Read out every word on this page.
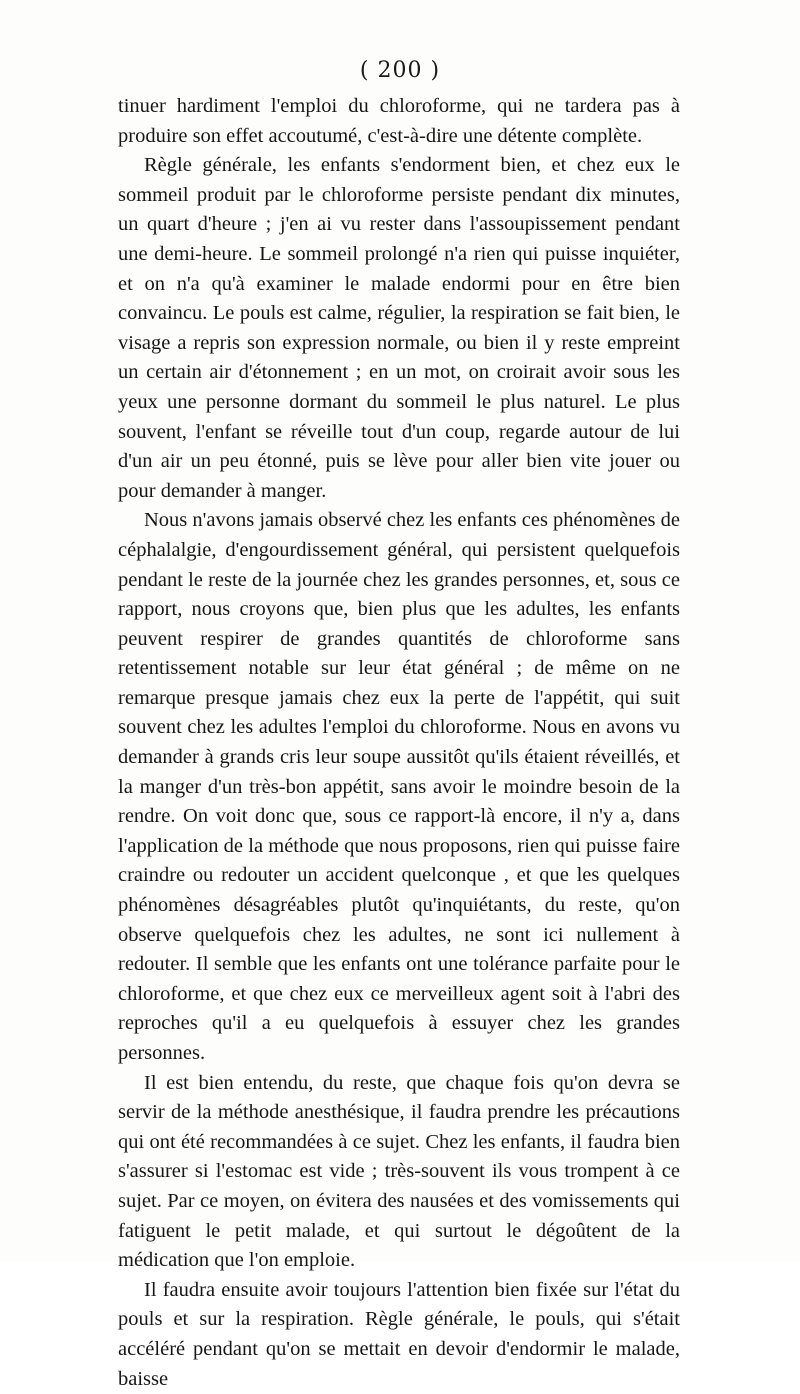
( 200 )

tinuer hardiment l'emploi du chloroforme, qui ne tardera pas à produire son effet accoutumé, c'est-à-dire une détente complète.

Règle générale, les enfants s'endorment bien, et chez eux le sommeil produit par le chloroforme persiste pendant dix minutes, un quart d'heure ; j'en ai vu rester dans l'assoupissement pendant une demi-heure. Le sommeil prolongé n'a rien qui puisse inquiéter, et on n'a qu'à examiner le malade endormi pour en être bien convaincu. Le pouls est calme, régulier, la respiration se fait bien, le visage a repris son expression normale, ou bien il y reste empreint un certain air d'étonnement ; en un mot, on croirait avoir sous les yeux une personne dormant du sommeil le plus naturel. Le plus souvent, l'enfant se réveille tout d'un coup, regarde autour de lui d'un air un peu étonné, puis se lève pour aller bien vite jouer ou pour demander à manger.

Nous n'avons jamais observé chez les enfants ces phénomènes de céphalalgie, d'engourdissement général, qui persistent quelquefois pendant le reste de la journée chez les grandes personnes, et, sous ce rapport, nous croyons que, bien plus que les adultes, les enfants peuvent respirer de grandes quantités de chloroforme sans retentissement notable sur leur état général ; de même on ne remarque presque jamais chez eux la perte de l'appétit, qui suit souvent chez les adultes l'emploi du chloroforme. Nous en avons vu demander à grands cris leur soupe aussitôt qu'ils étaient réveillés, et la manger d'un très-bon appétit, sans avoir le moindre besoin de la rendre. On voit donc que, sous ce rapport-là encore, il n'y a, dans l'application de la méthode que nous proposons, rien qui puisse faire craindre ou redouter un accident quelconque , et que les quelques phénomènes désagréables plutôt qu'inquiétants, du reste, qu'on observe quelquefois chez les adultes, ne sont ici nullement à redouter. Il semble que les enfants ont une tolérance parfaite pour le chloroforme, et que chez eux ce merveilleux agent soit à l'abri des reproches qu'il a eu quelquefois à essuyer chez les grandes personnes.

Il est bien entendu, du reste, que chaque fois qu'on devra se servir de la méthode anesthésique, il faudra prendre les précautions qui ont été recommandées à ce sujet. Chez les enfants, il faudra bien s'assurer si l'estomac est vide ; très-souvent ils vous trompent à ce sujet. Par ce moyen, on évitera des nausées et des vomissements qui fatiguent le petit malade, et qui surtout le dégoûtent de la médication que l'on emploie.

Il faudra ensuite avoir toujours l'attention bien fixée sur l'état du pouls et sur la respiration. Règle générale, le pouls, qui s'était accéléré pendant qu'on se mettait en devoir d'endormir le malade, baisse
